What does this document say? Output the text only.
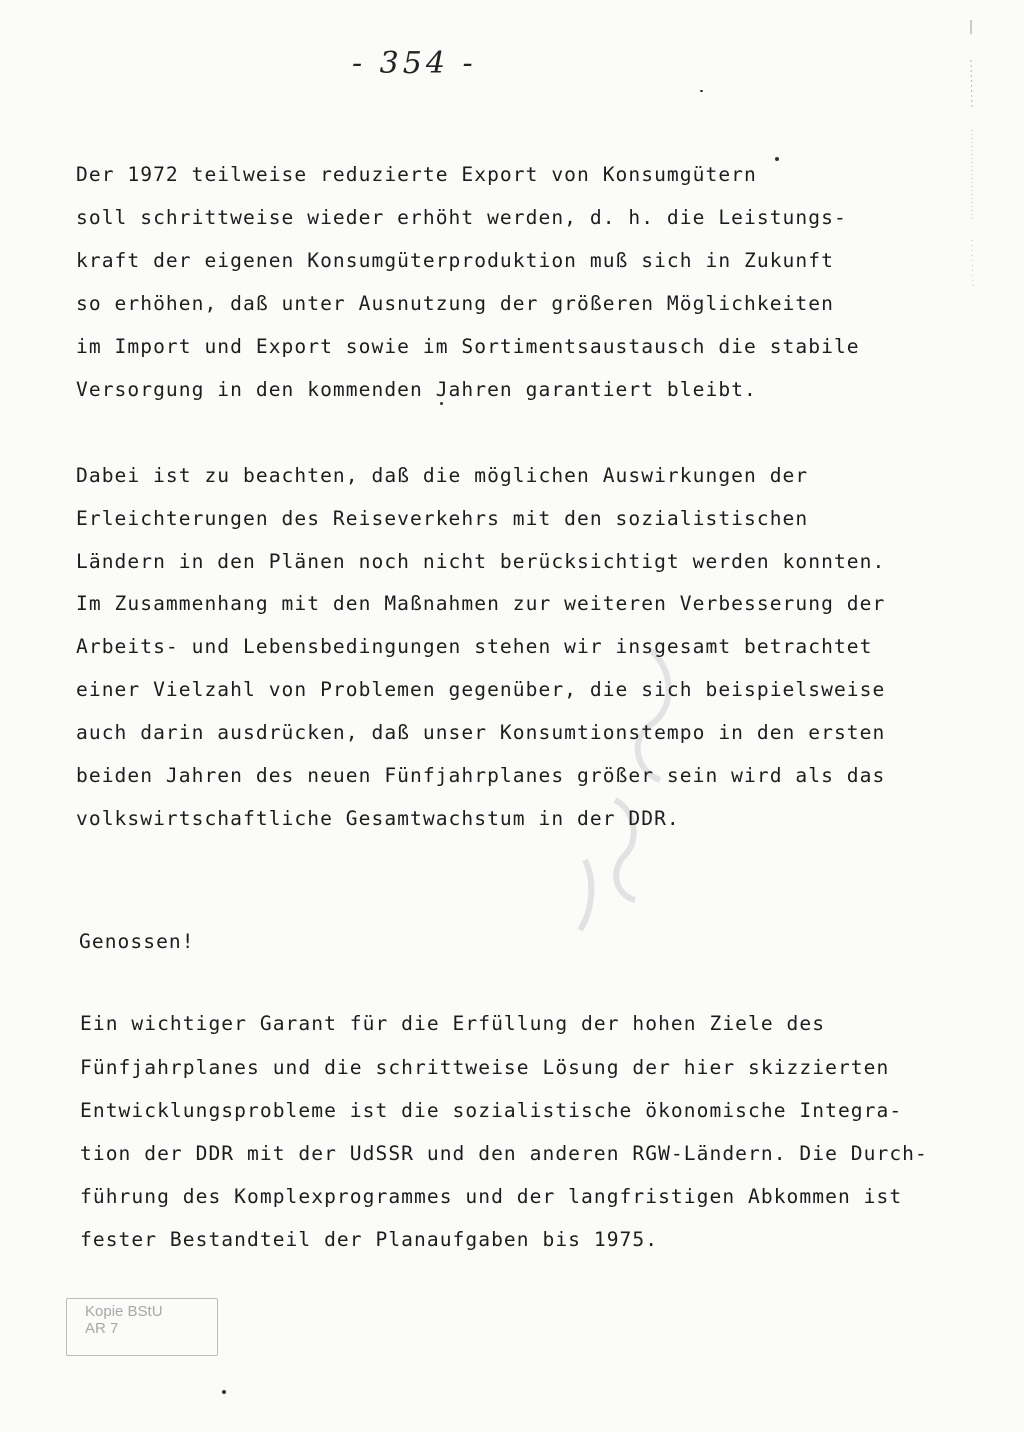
- 354 -
Der 1972 teilweise reduzierte Export von Konsumgütern
soll schrittweise wieder erhöht werden, d. h. die Leistungs-
kraft der eigenen Konsumgüterproduktion muß sich in Zukunft
so erhöhen, daß unter Ausnutzung der größeren Möglichkeiten
im Import und Export sowie im Sortimentsaustausch die stabile
Versorgung in den kommenden Jahren garantiert bleibt.
Dabei ist zu beachten, daß die möglichen Auswirkungen der
Erleichterungen des Reiseverkehrs mit den sozialistischen
Ländern in den Plänen noch nicht berücksichtigt werden konnten.
Im Zusammenhang mit den Maßnahmen zur weiteren Verbesserung der
Arbeits- und Lebensbedingungen stehen wir insgesamt betrachtet
einer Vielzahl von Problemen gegenüber, die sich beispielsweise
auch darin ausdrücken, daß unser Konsumtionstempo in den ersten
beiden Jahren des neuen Fünfjahrplanes größer sein wird als das
volkswirtschaftliche Gesamtwachstum in der DDR.
Genossen!
Ein wichtiger Garant für die Erfüllung der hohen Ziele des
Fünfjahrplanes und die schrittweise Lösung der hier skizzierten
Entwicklungsprobleme ist die sozialistische ökonomische Integra-
tion der DDR mit der UdSSR und den anderen RGW-Ländern. Die Durch-
führung des Komplexprogrammes und der langfristigen Abkommen ist
fester Bestandteil der Planaufgaben bis 1975.
Kopie BStU
AR 7
